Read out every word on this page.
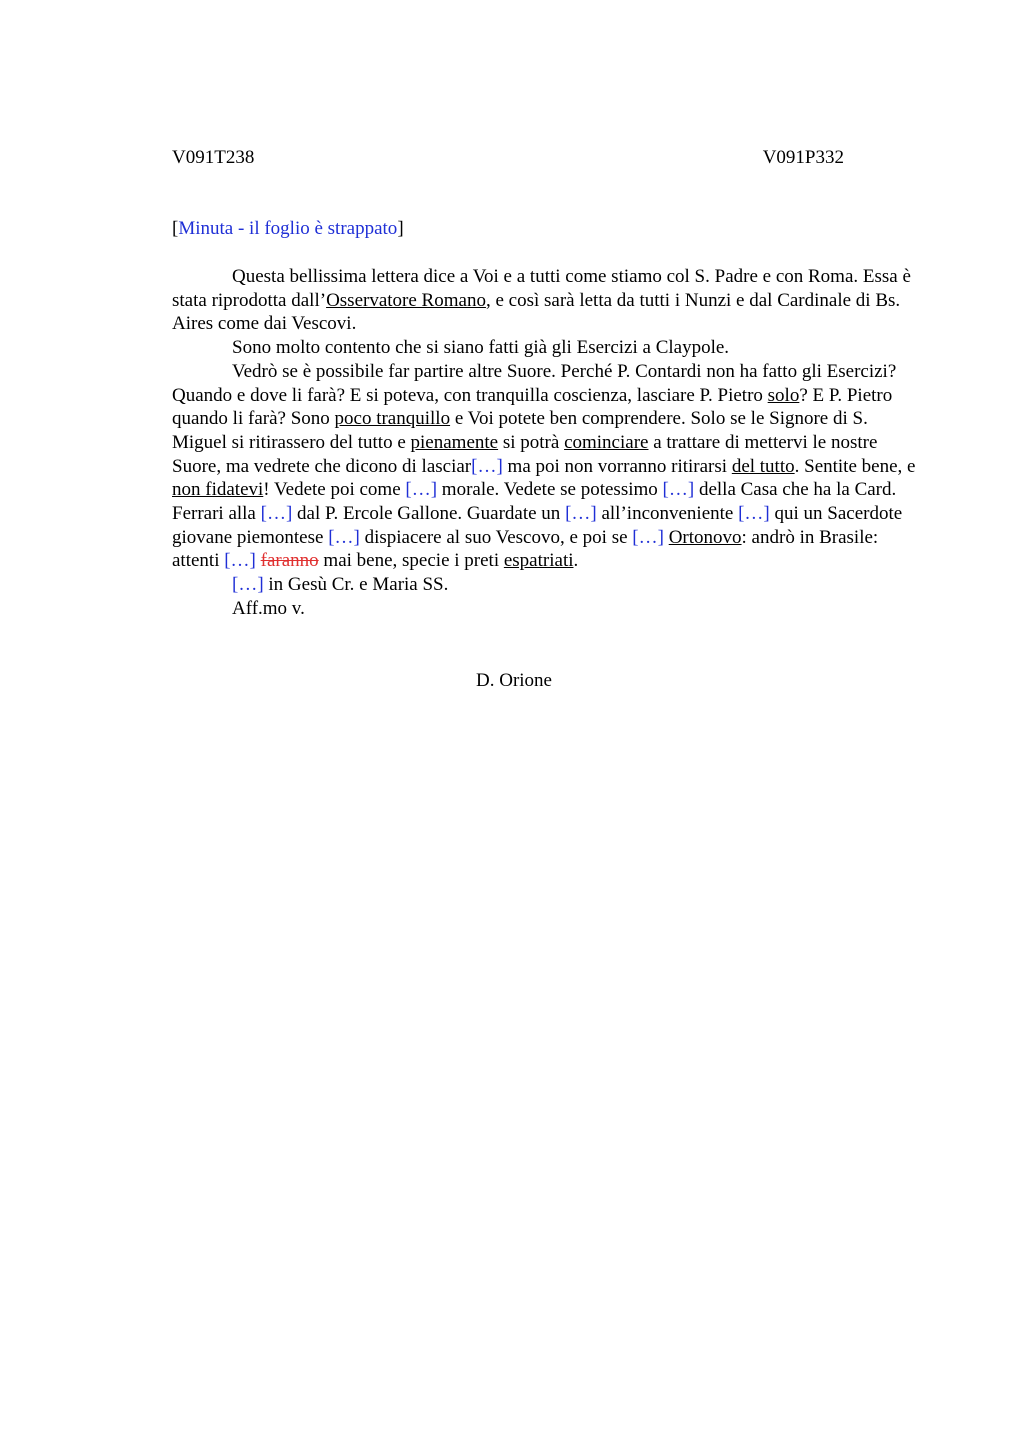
V091T238	V091P332
[Minuta - il foglio è strappato]

Questa bellissima lettera dice a Voi e a tutti come stiamo col S. Padre e con Roma. Essa è stata riprodotta dall’Osservatore Romano, e così sarà letta da tutti i Nunzi e dal Cardinale di Bs. Aires come dai Vescovi.

Sono molto contento che si siano fatti già gli Esercizi a Claypole.

Vedrò se è possibile far partire altre Suore. Perché P. Contardi non ha fatto gli Esercizi? Quando e dove li farà? E si poteva, con tranquilla coscienza, lasciare P. Pietro solo? E P. Pietro quando li farà? Sono poco tranquillo e Voi potete ben comprendere. Solo se le Signore di S. Miguel si ritirassero del tutto e pienamente si potrà cominciare a trattare di mettervi le nostre Suore, ma vedrete che dicono di lasciar[…] ma poi non vorranno ritirarsi del tutto. Sentite bene, e non fidatevi! Vedete poi come […] morale. Vedete se potessimo […] della Casa che ha la Card. Ferrari alla […] dal P. Ercole Gallone. Guardate un […] all’inconveniente […] qui un Sacerdote giovane piemontese […] dispiacere al suo Vescovo, e poi se […] Ortonovo: andrò in Brasile: attenti […] faranno mai bene, specie i preti espatriati.

[…] in Gesù Cr. e Maria SS.

Aff.mo v.

D. Orione
